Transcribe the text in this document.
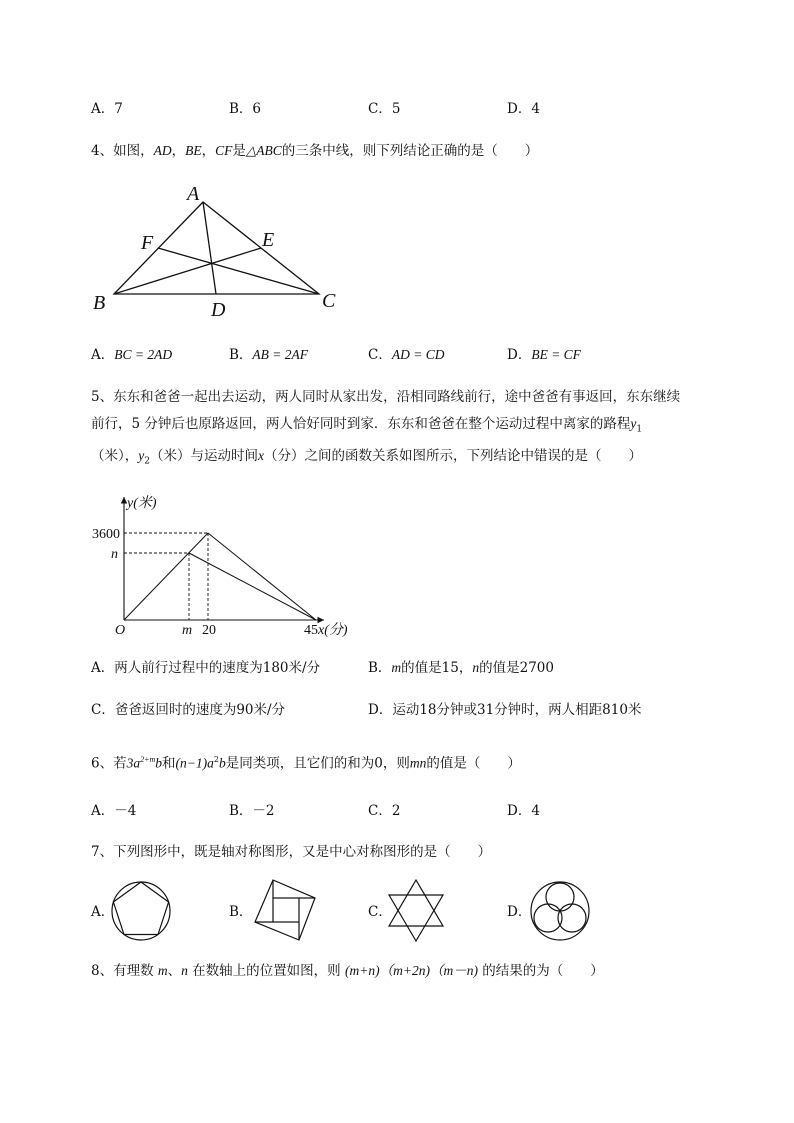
A．7	B．6	C．5	D．4
4、如图，AD，BE，CF是△ABC的三条中线，则下列结论正确的是（　　）
A
B	C
D
E
F
A．BC = 2AD	B．AB = 2AF	C．AD = CD	D．BE = CF
5、东东和爸爸一起出去运动，两人同时从家出发，沿相同路线前行，途中爸爸有事返回，东东继续
前行，5 分钟后也原路返回，两人恰好同时到家．东东和爸爸在整个运动过程中离家的路程$y_1$
（米），$y_2$（米）与运动时间x（分）之间的函数关系如图所示，下列结论中错误的是（　　）
y(米)
x(分)
O
3600
n
m 20	45
A．两人前行过程中的速度为180米/分	B．m的值是15，n的值是2700
C．爸爸返回时的速度为90米/分	D．运动18分钟或31分钟时，两人相距810米
6、若$3a^{2+m}b$和$(n-1)a^2b$是同类项，且它们的和为0，则mn的值是（　　）
A．－4	B．－2	C．2	D．4
7、下列图形中，既是轴对称图形，又是中心对称图形的是（　　）
A．	B．	C．	D．
8、有理数 m、n 在数轴上的位置如图，则 (m+n)（m+2n)（m－n) 的结果的为（　　）
